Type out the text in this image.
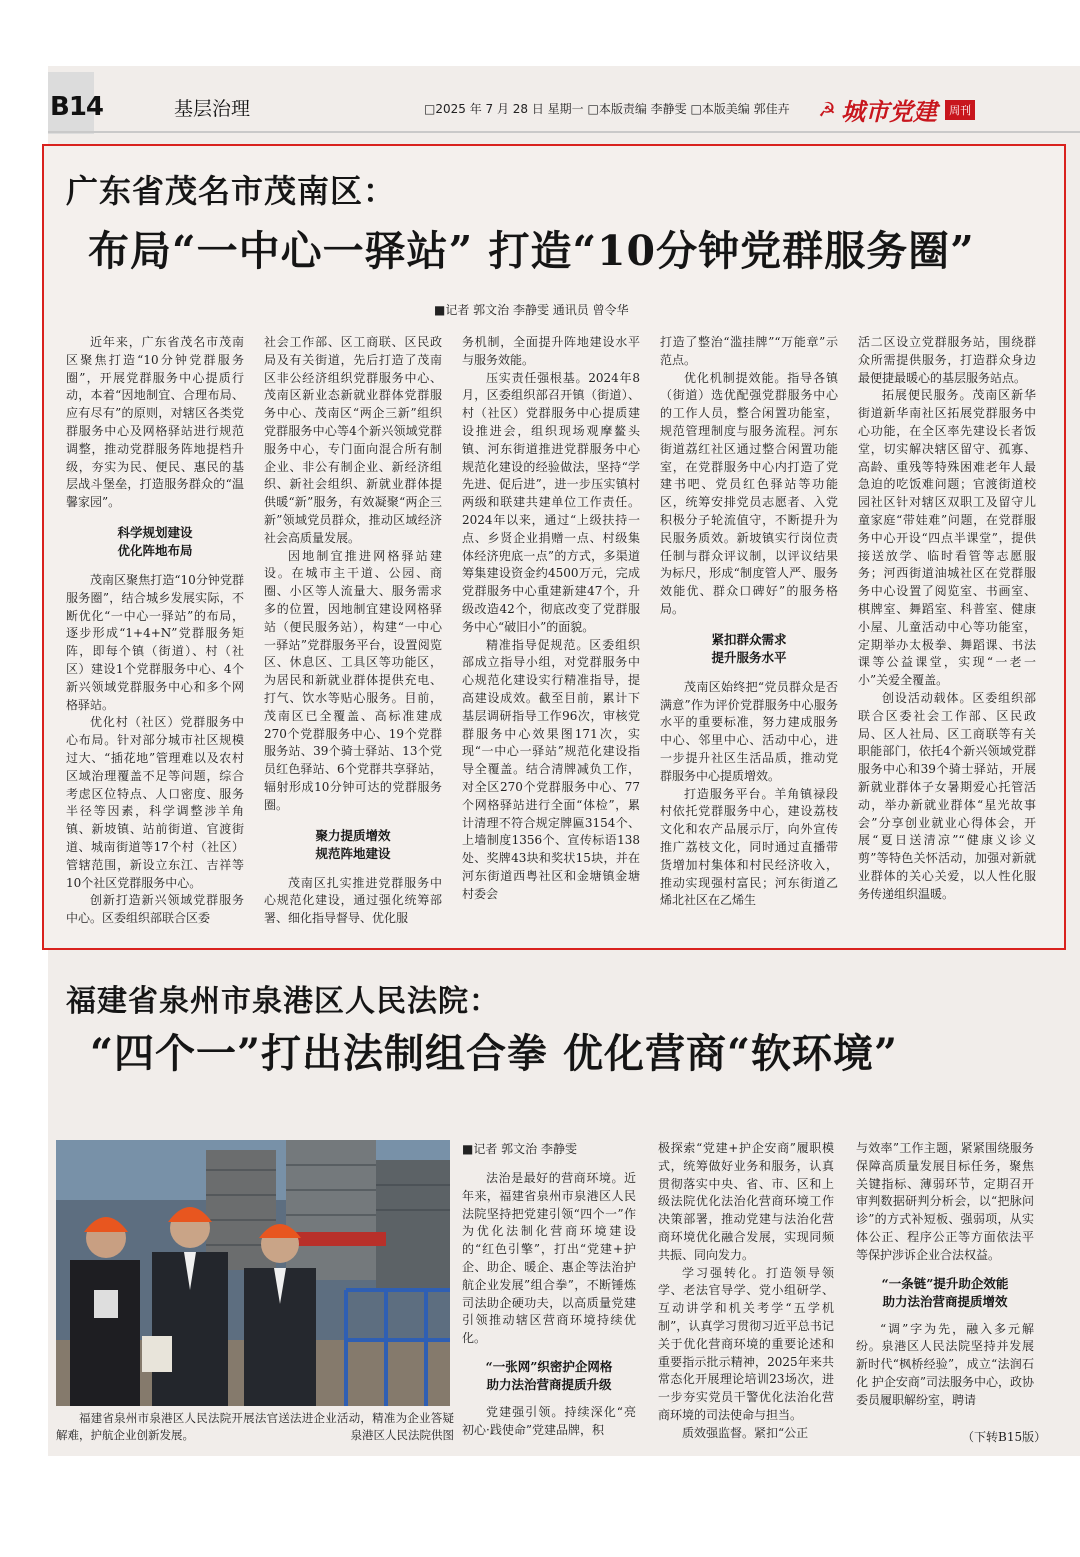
B14	基层治理	□2025 年 7 月 28 日 星期一 □本版责编 李静雯 □本版美编 郭佳卉 ☭ 城市党建 周刊
广东省茂名市茂南区：
布局“一中心一驿站” 打造“10分钟党群服务圈”
■记者 郭文治 李静雯 通讯员 曾令华

近年来，广东省茂名市茂南区聚焦打造“10分钟党群服务圈”，开展党群服务中心提质行动，本着“因地制宜、合理布局、应有尽有”的原则，对辖区各类党群服务中心及网格驿站进行规范调整，推动党群服务阵地提档升级，夯实为民、便民、惠民的基层战斗堡垒，打造服务群众的“温馨家园”。

科学规划建设
优化阵地布局

茂南区聚焦打造“10分钟党群服务圈”，结合城乡发展实际，不断优化“一中心一驿站”的布局，逐步形成“1+4+N”党群服务矩阵，即每个镇（街道）、村（社区）建设1个党群服务中心、4个新兴领域党群服务中心和多个网格驿站。

优化村（社区）党群服务中心布局。针对部分城市社区规模过大、“插花地”管理难以及农村区域治理覆盖不足等问题，综合考虑区位特点、人口密度、服务半径等因素，科学调整涉羊角镇、新坡镇、站前街道、官渡街道、城南街道等17个村（社区）管辖范围，新设立东江、吉祥等10个社区党群服务中心。

创新打造新兴领域党群服务中心。区委组织部联合区委

社会工作部、区工商联、区民政局及有关街道，先后打造了茂南区非公经济组织党群服务中心、茂南区新业态新就业群体党群服务中心、茂南区“两企三新”组织党群服务中心等4个新兴领域党群服务中心，专门面向混合所有制企业、非公有制企业、新经济组织、新社会组织、新就业群体提供暖“新”服务，有效凝聚“两企三新”领域党员群众，推动区域经济社会高质量发展。

因地制宜推进网格驿站建设。在城市主干道、公园、商圈、小区等人流量大、服务需求多的位置，因地制宜建设网格驿站（便民服务站），构建“一中心一驿站”党群服务平台，设置阅览区、休息区、工具区等功能区，为居民和新就业群体提供充电、打气、饮水等贴心服务。目前，茂南区已全覆盖、高标准建成270个党群服务中心、19个党群服务站、39个骑士驿站、13个党员红色驿站、6个党群共享驿站，辐射形成10分钟可达的党群服务圈。

聚力提质增效
规范阵地建设

茂南区扎实推进党群服务中心规范化建设，通过强化统筹部署、细化指导督导、优化服

务机制，全面提升阵地建设水平与服务效能。

压实责任强根基。2024年8月，区委组织部召开镇（街道）、村（社区）党群服务中心提质建设推进会，组织现场观摩鳌头镇、河东街道推进党群服务中心规范化建设的经验做法，坚持“学先进、促后进”，进一步压实镇村两级和联建共建单位工作责任。2024年以来，通过“上级扶持一点、乡贤企业捐赠一点、村级集体经济兜底一点”的方式，多渠道筹集建设资金约4500万元，完成党群服务中心重建新建47个，升级改造42个，彻底改变了党群服务中心“破旧小”的面貌。

精准指导促规范。区委组织部成立指导小组，对党群服务中心规范化建设实行精准指导，提高建设成效。截至目前，累计下基层调研指导工作96次，审核党群服务中心效果图171次，实现“一中心一驿站”规范化建设指导全覆盖。结合清牌减负工作，对全区270个党群服务中心、77个网格驿站进行全面“体检”，累计清理不符合规定牌匾3154个、上墙制度1356个、宣传标语138处、奖牌43块和奖状15块，并在河东街道西粤社区和金塘镇金塘村委会

打造了整治“滥挂牌”“万能章”示范点。

优化机制提效能。指导各镇（街道）选优配强党群服务中心的工作人员，整合闲置功能室，规范管理制度与服务流程。河东街道荔红社区通过整合闲置功能室，在党群服务中心内打造了党建书吧、党员红色驿站等功能区，统筹安排党员志愿者、入党积极分子轮流值守，不断提升为民服务质效。新坡镇实行岗位责任制与群众评议制，以评议结果为标尺，形成“制度管人严、服务效能优、群众口碑好”的服务格局。

紧扣群众需求
提升服务水平

茂南区始终把“党员群众是否满意”作为评价党群服务中心服务水平的重要标准，努力建成服务中心、邻里中心、活动中心，进一步提升社区生活品质，推动党群服务中心提质增效。

打造服务平台。羊角镇禄段村依托党群服务中心，建设荔枝文化和农产品展示厅，向外宣传推广荔枝文化，同时通过直播带货增加村集体和村民经济收入，推动实现强村富民；河东街道乙烯北社区在乙烯生

活二区设立党群服务站，围绕群众所需提供服务，打造群众身边最便捷最暖心的基层服务站点。

拓展便民服务。茂南区新华街道新华南社区拓展党群服务中心功能，在全区率先建设长者饭堂，切实解决辖区留守、孤寡、高龄、重残等特殊困难老年人最急迫的吃饭难问题；官渡街道校园社区针对辖区双职工及留守儿童家庭“带娃难”问题，在党群服务中心开设“四点半课堂”，提供接送放学、临时看管等志愿服务；河西街道油城社区在党群服务中心设置了阅览室、书画室、棋牌室、舞蹈室、科普室、健康小屋、儿童活动中心等功能室，定期举办太极拳、舞蹈课、书法课等公益课堂，实现“一老一小”关爱全覆盖。

创设活动载体。区委组织部联合区委社会工作部、区民政局、区人社局、区工商联等有关职能部门，依托4个新兴领域党群服务中心和39个骑士驿站，开展新就业群体子女暑期爱心托管活动，举办新就业群体“星光故事会”分享创业就业心得体会，开展“夏日送清凉”“健康义诊义剪”等特色关怀活动，加强对新就业群体的关心关爱，以人性化服务传递组织温暖。

福建省泉州市泉港区人民法院：
“四个一”打出法制组合拳 优化营商“软环境”
福建省泉州市泉港区人民法院开展法官送法进企业活动，精准为企业答疑解难，护航企业创新发展。	泉港区人民法院供图
■记者 郭文治 李静雯

法治是最好的营商环境。近年来，福建省泉州市泉港区人民法院坚持把党建引领“四个一”作为优化法制化营商环境建设的“红色引擎”，打出“党建+护企、助企、暖企、惠企等法治护航企业发展”组合拳”，不断锤炼司法助企硬功夫，以高质量党建引领推动辖区营商环境持续优化。

“一张网”织密护企网格
助力法治营商提质升级

党建强引领。持续深化“亮初心·践使命”党建品牌，积

极探索“党建+护企安商”履职模式，统筹做好业务和服务，认真贯彻落实中央、省、市、区和上级法院优化法治化营商环境工作决策部署，推动党建与法治化营商环境优化融合发展，实现同频共振、同向发力。

学习强转化。打造领导领学、老法官导学、党小组研学、互动讲学和机关考学“五学机制”，认真学习贯彻习近平总书记关于优化营商环境的重要论述和重要指示批示精神，2025年来共常态化开展理论培训23场次，进一步夯实党员干警优化法治化营商环境的司法使命与担当。

质效强监督。紧扣“公正

与效率”工作主题，紧紧围绕服务保障高质量发展目标任务，聚焦关键指标、薄弱环节，定期召开审判数据研判分析会，以“把脉问诊”的方式补短板、强弱项，从实体公正、程序公正等方面依法平等保护涉诉企业合法权益。

“一条链”提升助企效能
助力法治营商提质增效

“调”字为先，融入多元解纷。泉港区人民法院坚持并发展新时代“枫桥经验”，成立“法润石化 护企安商”司法服务中心，政协委员履职解纷室，聘请

（下转B15版）
